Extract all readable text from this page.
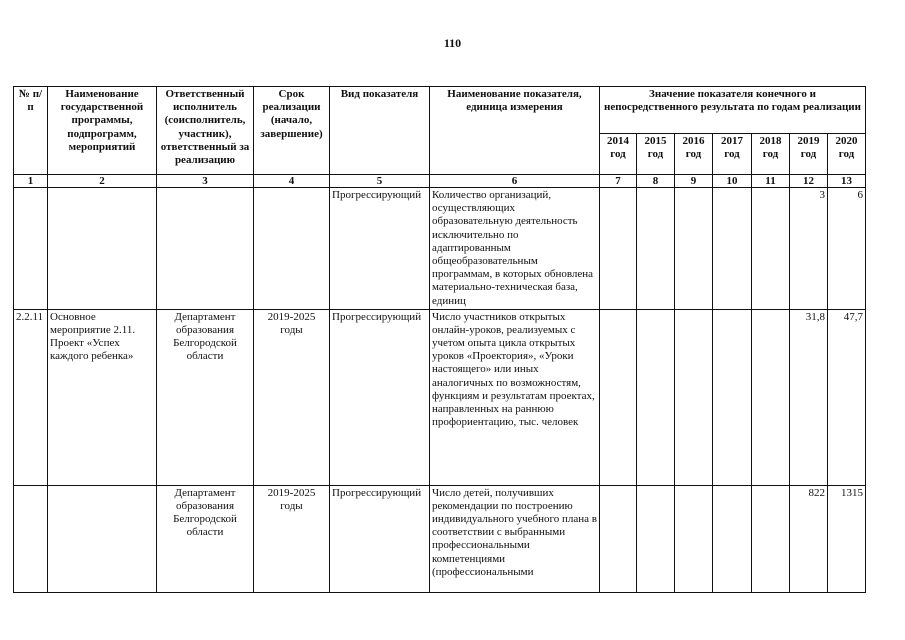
110
№ п/п	Наименование государственной программы, подпрограмм, мероприятий	Ответственный исполнитель (соисполнитель, участник), ответственный за реализацию	Срок реализации (начало, завершение)	Вид показателя	Наименование показателя, единица измерения	Значение показателя конечного и непосредственного результата по годам реализации						
						2014 год	2015 год	2016 год	2017 год	2018 год	2019 год	2020 год
1	2	3	4	5	6	7	8	9	10	11	12	13
				Прогрессирующий	Количество организаций, осуществляющих образовательную деятельность исключительно по адаптированным общеобразовательным программам, в которых обновлена материально-техническая база, единиц						3	6
2.2.11	Основное мероприятие 2.11. Проект «Успех каждого ребенка»	Департамент образования Белгородской области	2019-2025 годы	Прогрессирующий	Число участников открытых онлайн-уроков, реализуемых с учетом опыта цикла открытых уроков «Проектория», «Уроки настоящего» или иных аналогичных по возможностям, функциям и результатам проектах, направленных на раннюю профориентацию, тыс. человек						31,8	47,7
		Департамент образования Белгородской области	2019-2025 годы	Прогрессирующий	Число детей, получивших рекомендации по построению индивидуального учебного плана в соответствии с выбранными профессиональными компетенциями (профессиональными						822	1315
